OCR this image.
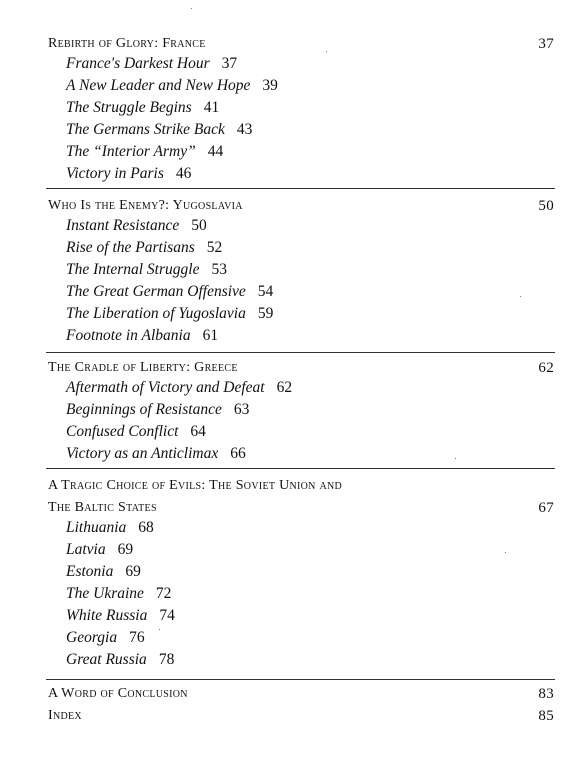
Rebirth of Glory: France	37
France's Darkest Hour 37
A New Leader and New Hope 39
The Struggle Begins 41
The Germans Strike Back 43
The “Interior Army” 44
Victory in Paris 46
Who Is the Enemy?: Yugoslavia	50
Instant Resistance 50
Rise of the Partisans 52
The Internal Struggle 53
The Great German Offensive 54
The Liberation of Yugoslavia 59
Footnote in Albania 61
The Cradle of Liberty: Greece	62
Aftermath of Victory and Defeat 62
Beginnings of Resistance 63
Confused Conflict 64
Victory as an Anticlimax 66
A Tragic Choice of Evils: The Soviet Union and
The Baltic States	67
Lithuania 68
Latvia 69
Estonia 69
The Ukraine 72
White Russia 74
Georgia 76
Great Russia 78
A Word of Conclusion	83
Index	85
